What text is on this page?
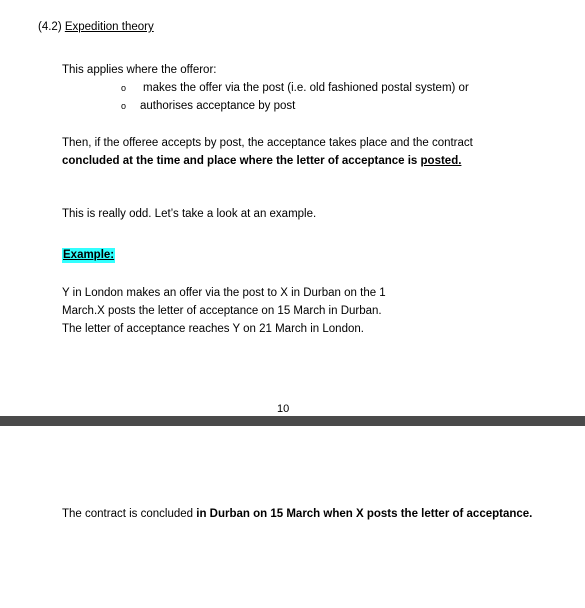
(4.2) Expedition theory
This applies where the offeror:
o makes the offer via the post (i.e. old fashioned postal system) or
o authorises acceptance by post
Then, if the offeree accepts by post, the acceptance takes place and the contract
concluded at the time and place where the letter of acceptance is posted.
This is really odd. Let’s take a look at an example.
Example:
Y in London makes an offer via the post to X in Durban on the 1
March.X posts the letter of acceptance on 15 March in Durban.
The letter of acceptance reaches Y on 21 March in London.
10
The contract is concluded in Durban on 15 March when X posts the letter of acceptance.
